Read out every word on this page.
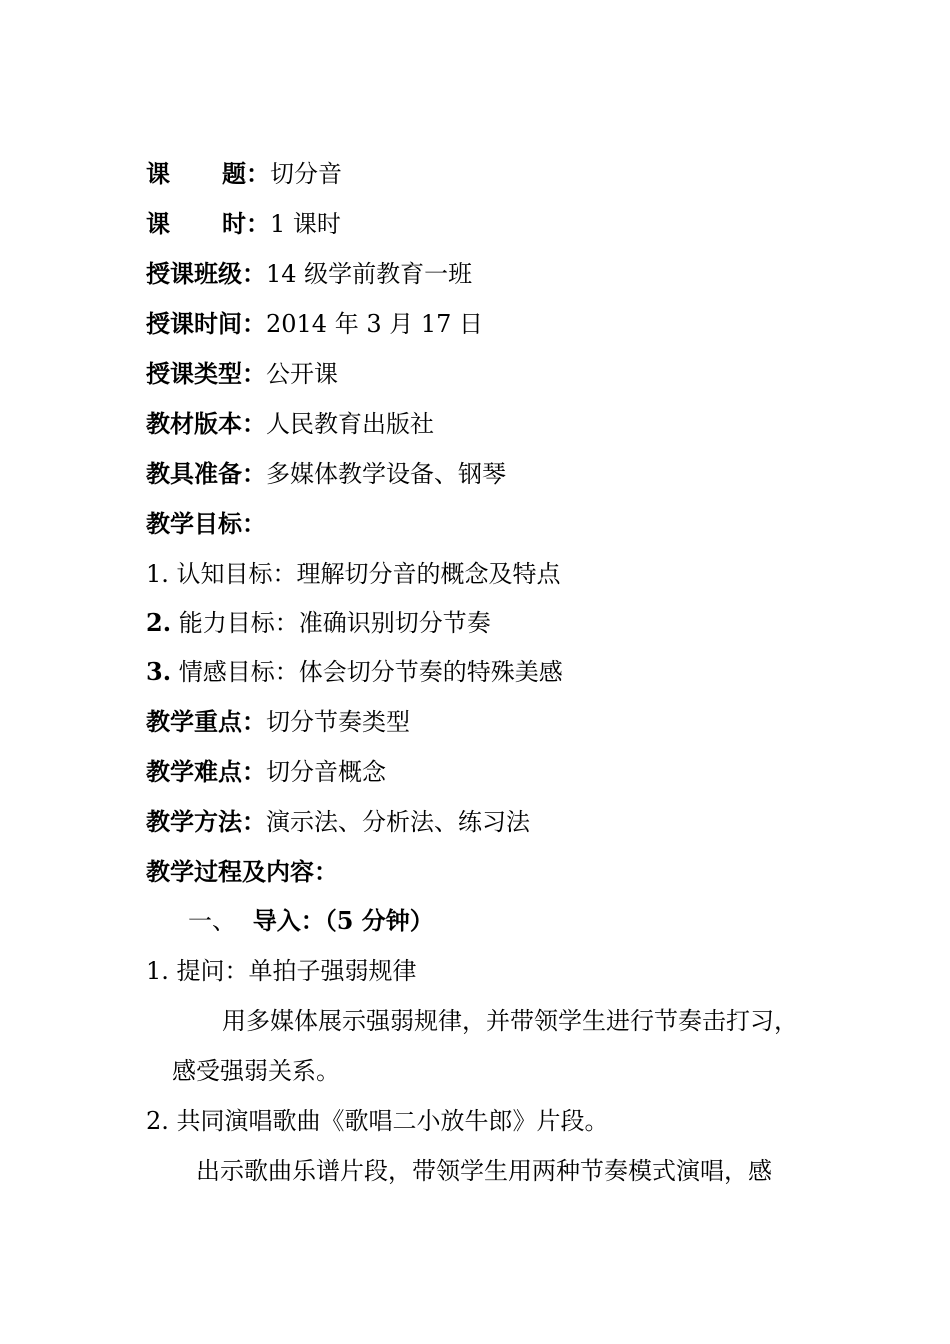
课 题：切分音
课 时：1 课时
授课班级：14 级学前教育一班
授课时间：2014 年 3 月 17 日
授课类型：公开课
教材版本：人民教育出版社
教具准备：多媒体教学设备、钢琴
教学目标：
1. 认知目标：理解切分音的概念及特点
2. 能力目标：准确识别切分节奏
3. 情感目标：体会切分节奏的特殊美感
教学重点：切分节奏类型
教学难点：切分音概念
教学方法：演示法、分析法、练习法
教学过程及内容：
一、 导入：（5 分钟）
1. 提问：单拍子强弱规律
用多媒体展示强弱规律，并带领学生进行节奏击打习，
感受强弱关系。
2. 共同演唱歌曲《歌唱二小放牛郎》片段。
出示歌曲乐谱片段，带领学生用两种节奏模式演唱，感
